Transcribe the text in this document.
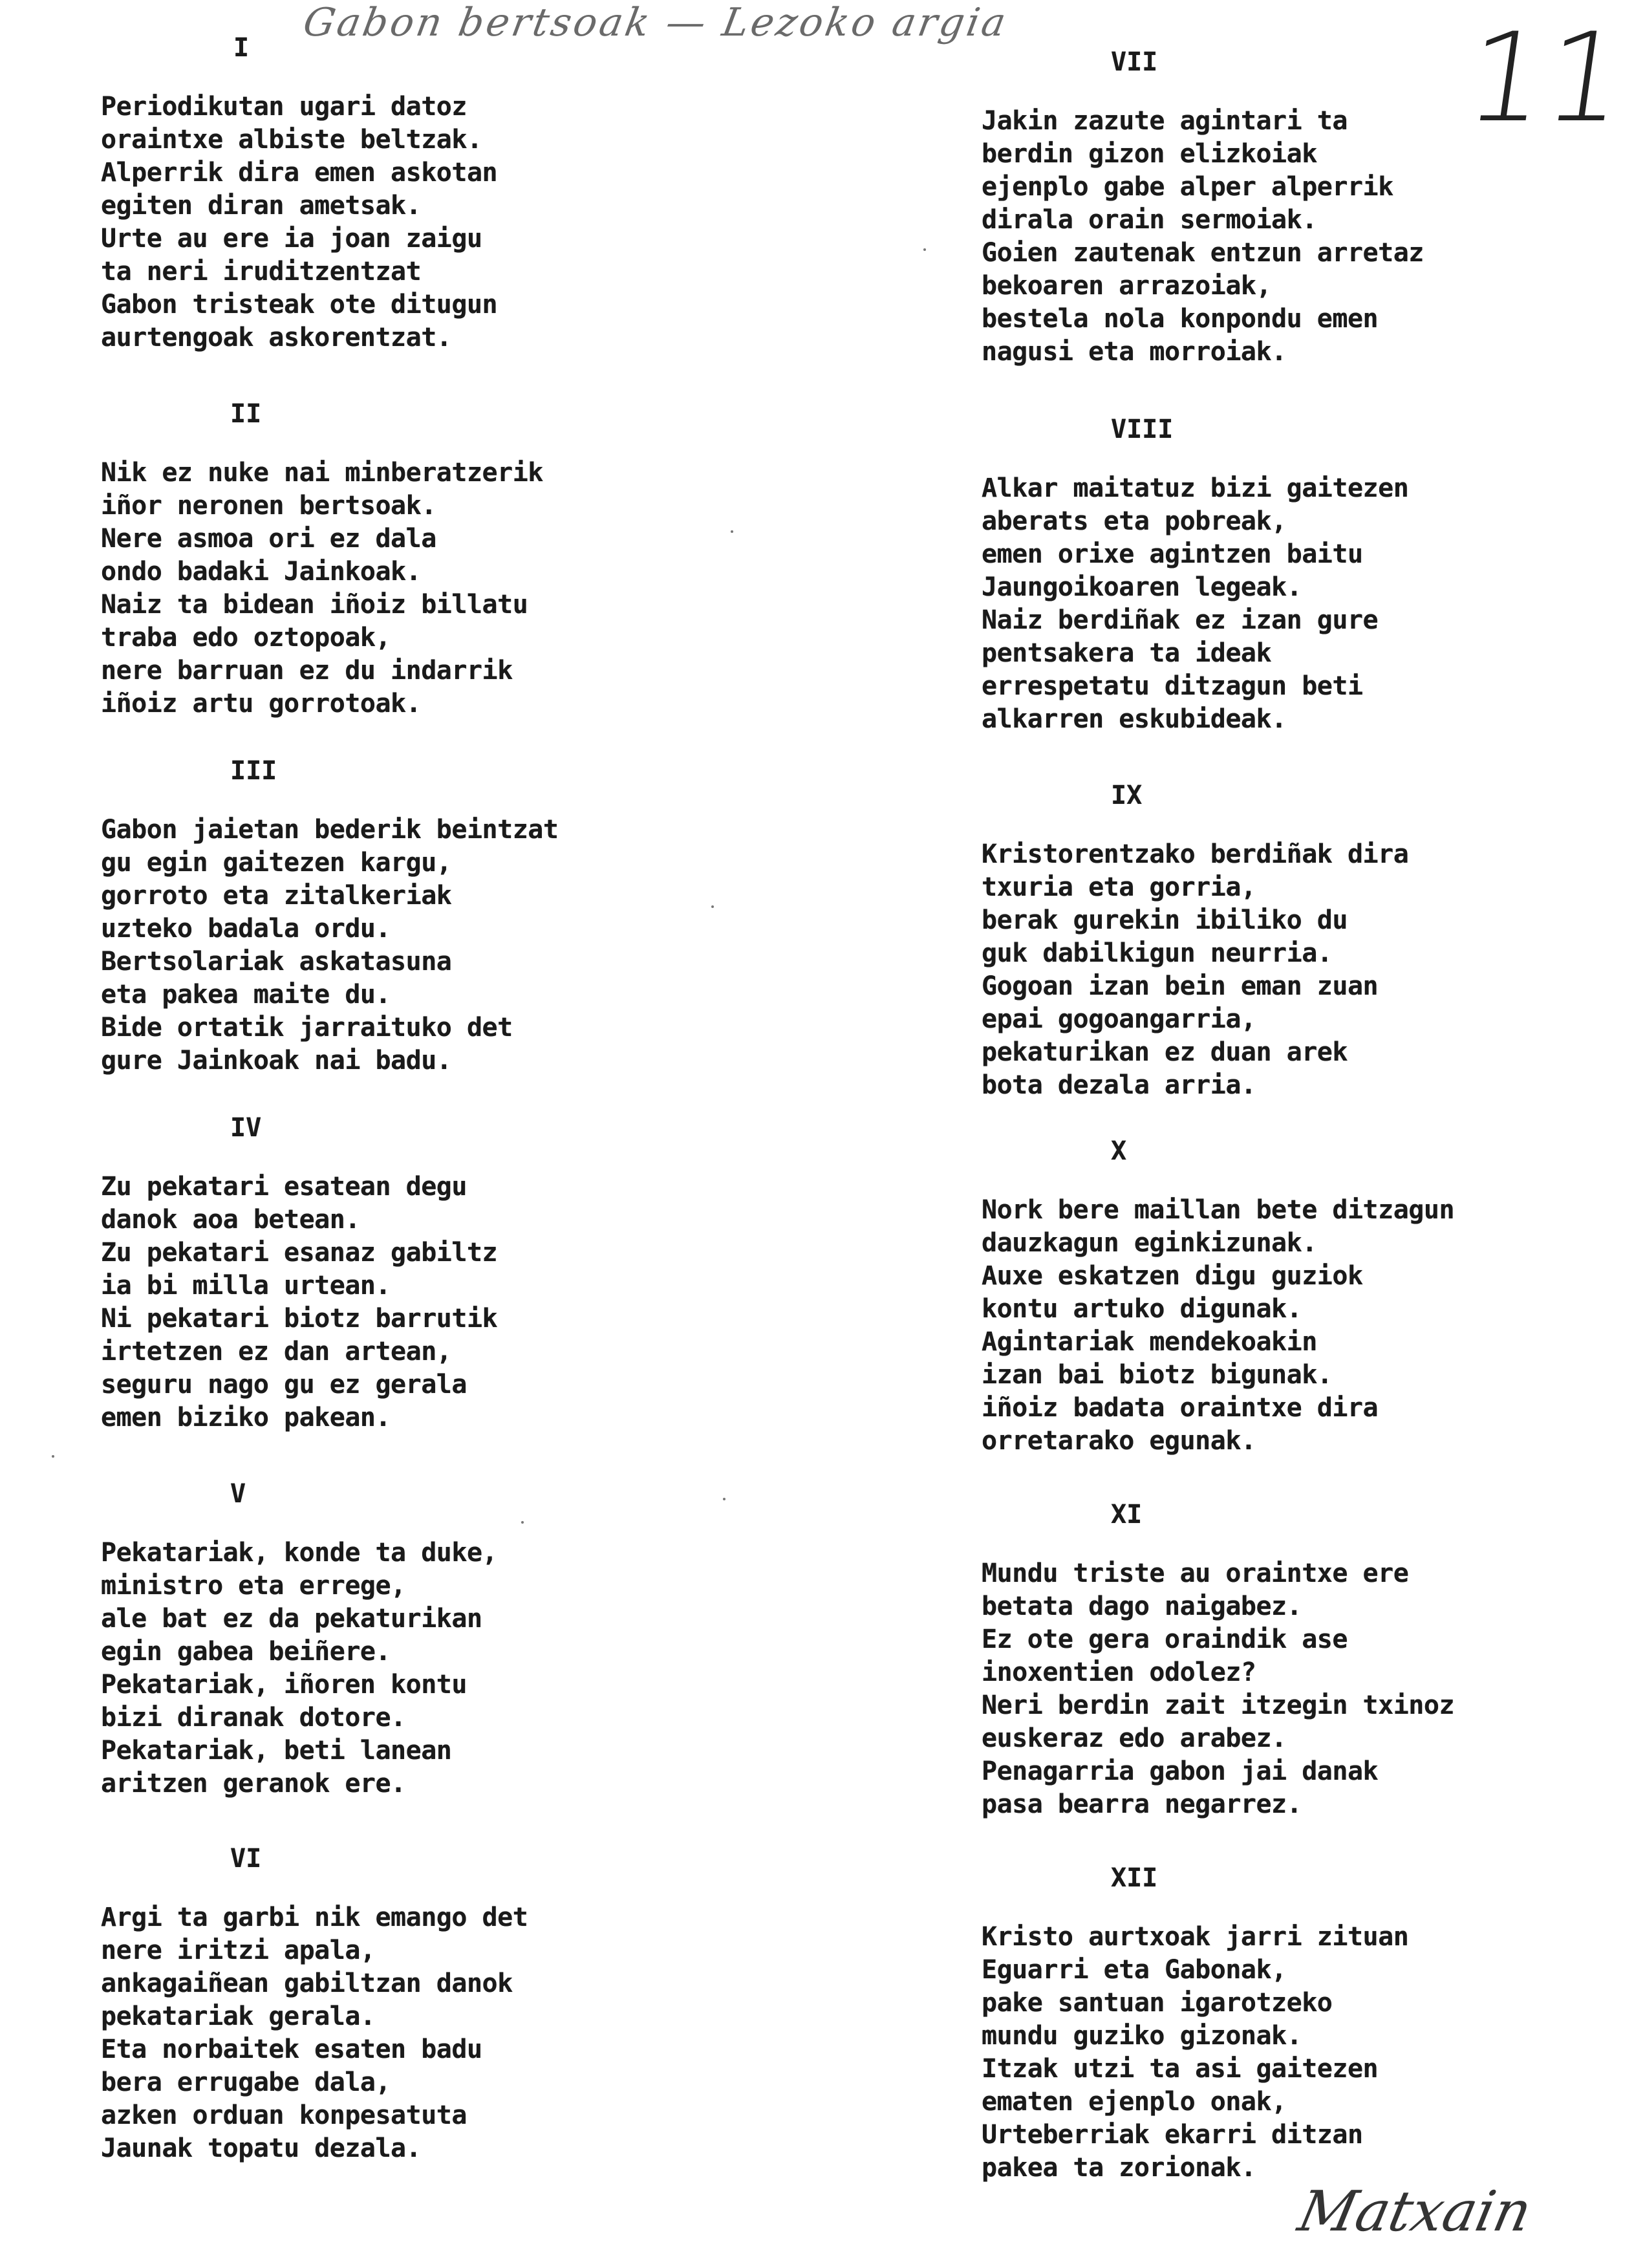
Gabon bertsoak — Lezoko argia	11
I
Periodikutan ugari datoz
oraintxe albiste beltzak.
Alperrik dira emen askotan
egiten diran ametsak.
Urte au ere ia joan zaigu
ta neri iruditzentzat
Gabon tristeak ote ditugun
aurtengoak askorentzat.
II
Nik ez nuke nai minberatzerik
iñor neronen bertsoak.
Nere asmoa ori ez dala
ondo badaki Jainkoak.
Naiz ta bidean iñoiz billatu
traba edo oztopoak,
nere barruan ez du indarrik
iñoiz artu gorrotoak.
III
Gabon jaietan bederik beintzat
gu egin gaitezen kargu,
gorroto eta zitalkeriak
uzteko badala ordu.
Bertsolariak askatasuna
eta pakea maite du.
Bide ortatik jarraituko det
gure Jainkoak nai badu.
IV
Zu pekatari esatean degu
danok aoa betean.
Zu pekatari esanaz gabiltz
ia bi milla urtean.
Ni pekatari biotz barrutik
irtetzen ez dan artean,
seguru nago gu ez gerala
emen biziko pakean.
V
Pekatariak, konde ta duke,
ministro eta errege,
ale bat ez da pekaturikan
egin gabea beiñere.
Pekatariak, iñoren kontu
bizi diranak dotore.
Pekatariak, beti lanean
aritzen geranok ere.
VI
Argi ta garbi nik emango det
nere iritzi apala,
ankagaiñean gabiltzan danok
pekatariak gerala.
Eta norbaitek esaten badu
bera errugabe dala,
azken orduan konpesatuta
Jaunak topatu dezala.
VII
Jakin zazute agintari ta
berdin gizon elizkoiak
ejenplo gabe alper alperrik
dirala orain sermoiak.
Goien zautenak entzun arretaz
bekoaren arrazoiak,
bestela nola konpondu emen
nagusi eta morroiak.
VIII
Alkar maitatuz bizi gaitezen
aberats eta pobreak,
emen orixe agintzen baitu
Jaungoikoaren legeak.
Naiz berdiñak ez izan gure
pentsakera ta ideak
errespetatu ditzagun beti
alkarren eskubideak.
IX
Kristorentzako berdiñak dira
txuria eta gorria,
berak gurekin ibiliko du
guk dabilkigun neurria.
Gogoan izan bein eman zuan
epai gogoangarria,
pekaturikan ez duan arek
bota dezala arria.
X
Nork bere maillan bete ditzagun
dauzkagun eginkizunak.
Auxe eskatzen digu guziok
kontu artuko digunak.
Agintariak mendekoakin
izan bai biotz bigunak.
iñoiz badata oraintxe dira
orretarako egunak.
XI
Mundu triste au oraintxe ere
betata dago naigabez.
Ez ote gera oraindik ase
inoxentien odolez?
Neri berdin zait itzegin txinoz
euskeraz edo arabez.
Penagarria gabon jai danak
pasa bearra negarrez.
XII
Kristo aurtxoak jarri zituan
Eguarri eta Gabonak,
pake santuan igarotzeko
mundu guziko gizonak.
Itzak utzi ta asi gaitezen
ematen ejenplo onak,
Urteberriak ekarri ditzan
pakea ta zorionak.
Matxain
